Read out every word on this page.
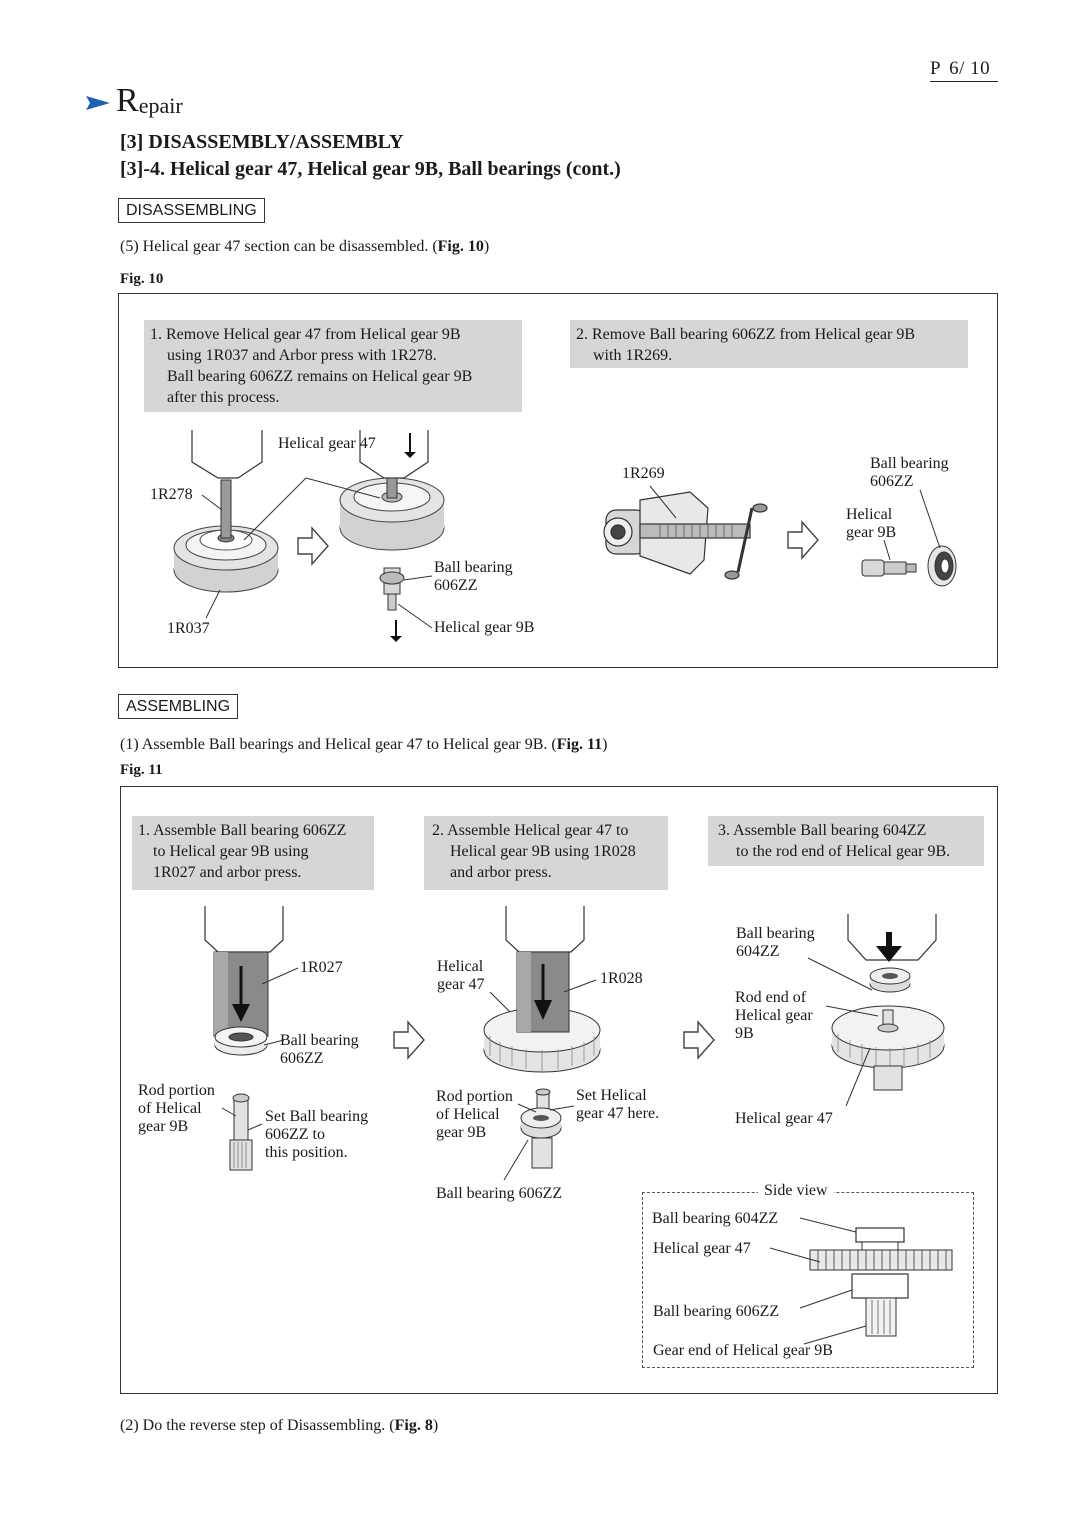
P 6/ 10
R epair
[3] DISASSEMBLY/ASSEMBLY
[3]-4. Helical gear 47, Helical gear 9B, Ball bearings (cont.)
DISASSEMBLING
(5) Helical gear 47 section can be disassembled. (Fig. 10)
Fig. 10
1. Remove Helical gear 47 from Helical gear 9B
using 1R037 and Arbor press with 1R278.
Ball bearing 606ZZ remains on Helical gear 9B
after this process.
2. Remove Ball bearing 606ZZ from Helical gear 9B
with 1R269.
Helical gear 47
1R278
1R037
Ball bearing 606ZZ
Helical gear 9B
1R269
Ball bearing 606ZZ
Helical gear 9B
ASSEMBLING
(1) Assemble Ball bearings and Helical gear 47 to Helical gear 9B. (Fig. 11)
Fig. 11
1. Assemble Ball bearing 606ZZ
to Helical gear 9B using
1R027 and arbor press.
2. Assemble Helical gear 47 to
Helical gear 9B using 1R028
and arbor press.
3. Assemble Ball bearing 604ZZ
to the rod end of Helical gear 9B.
1R027
Ball bearing
606ZZ
Rod portion
of Helical
gear 9B
Set Ball bearing
606ZZ to
this position.
Helical
gear 47	1R028
Rod portion
of Helical
gear 9B
Set Helical
gear 47 here.
Ball bearing 606ZZ
Ball bearing
604ZZ
Rod end of
Helical gear
9B
Helical gear 47
Side view
Ball bearing 604ZZ
Helical gear 47
Ball bearing 606ZZ
Gear end of Helical gear 9B
(2) Do the reverse step of Disassembling. (Fig. 8)
